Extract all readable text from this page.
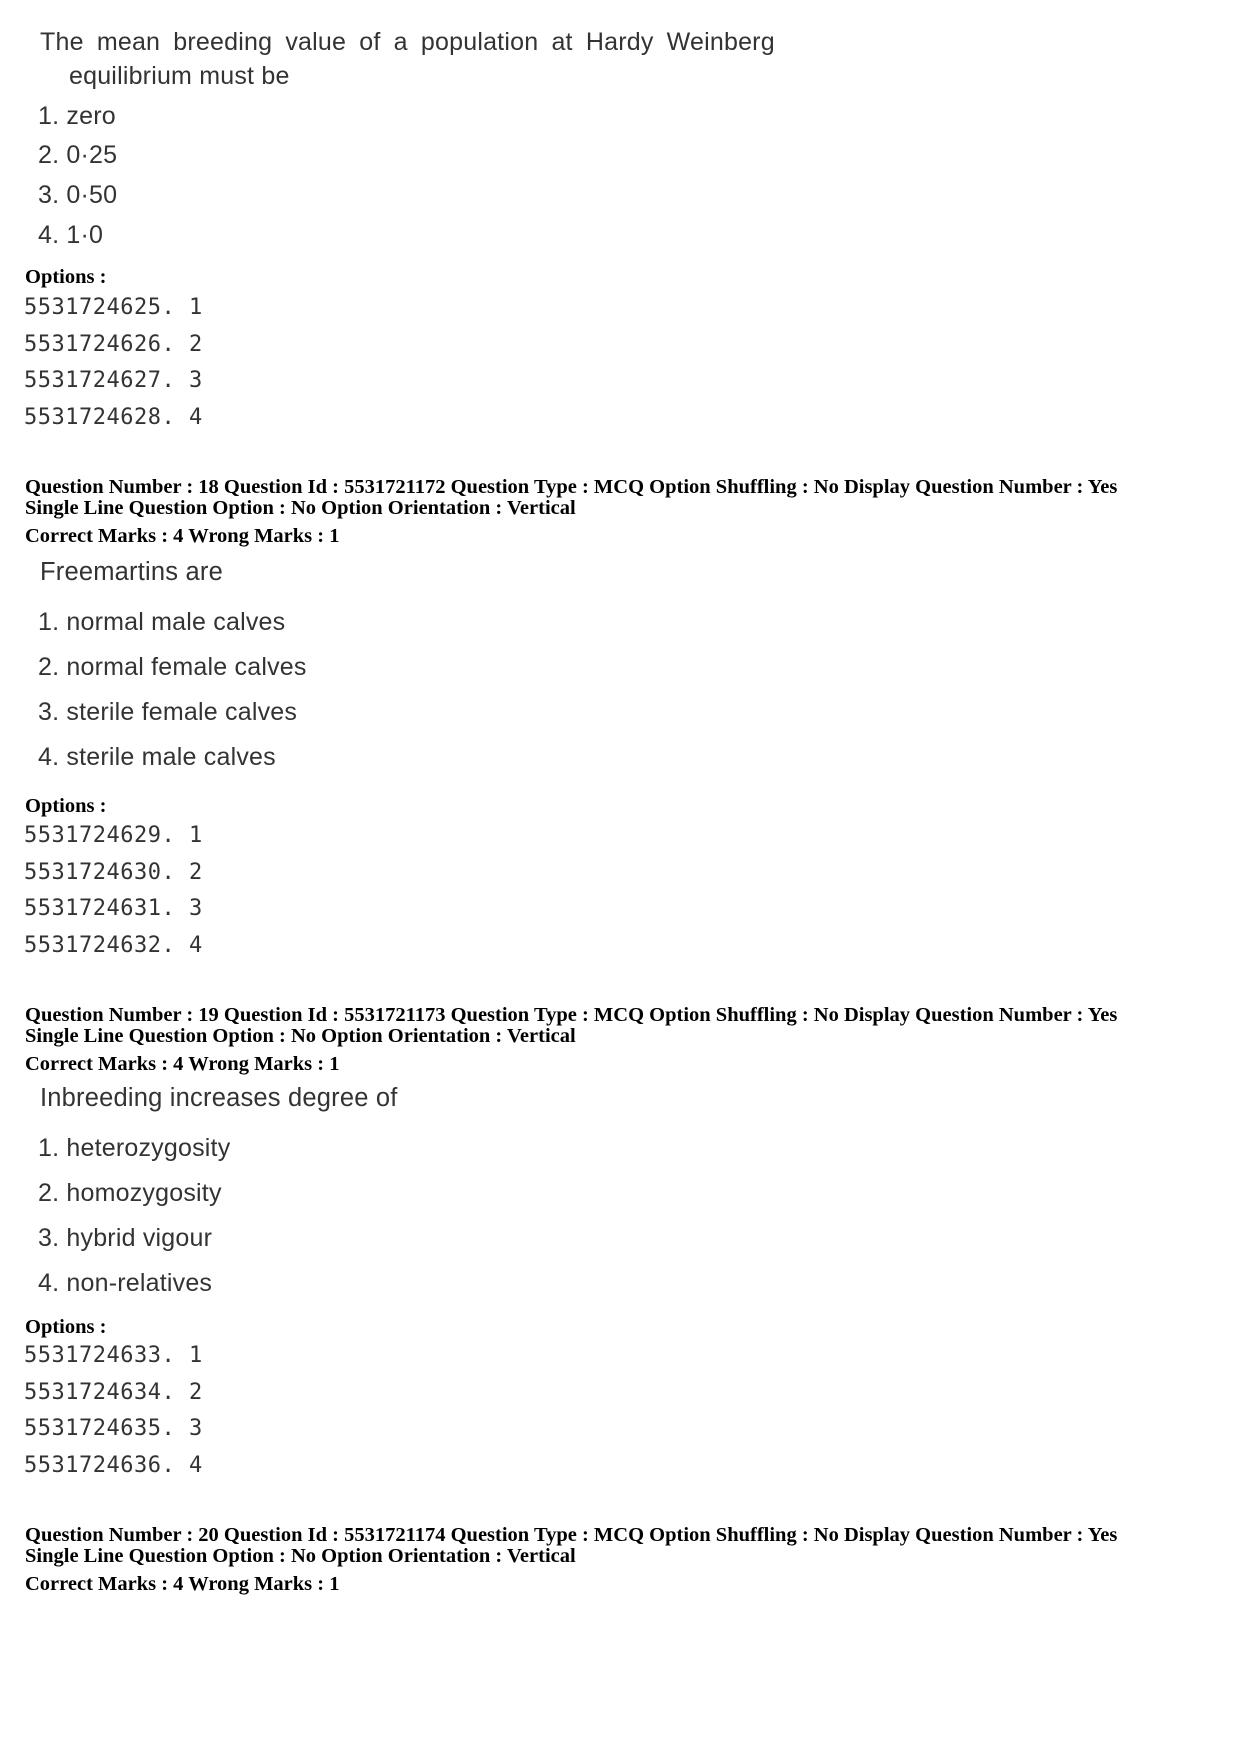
The mean breeding value of a population at Hardy Weinberg
equilibrium must be
1. zero
2. 0·25
3. 0·50
4. 1·0
Options :
5531724625. 1
5531724626. 2
5531724627. 3
5531724628. 4
Question Number : 18 Question Id : 5531721172 Question Type : MCQ Option Shuffling : No Display Question Number : Yes
Single Line Question Option : No Option Orientation : Vertical
Correct Marks : 4 Wrong Marks : 1
Freemartins are
1. normal male calves
2. normal female calves
3. sterile female calves
4. sterile male calves
Options :
5531724629. 1
5531724630. 2
5531724631. 3
5531724632. 4
Question Number : 19 Question Id : 5531721173 Question Type : MCQ Option Shuffling : No Display Question Number : Yes
Single Line Question Option : No Option Orientation : Vertical
Correct Marks : 4 Wrong Marks : 1
Inbreeding increases degree of
1. heterozygosity
2. homozygosity
3. hybrid vigour
4. non-relatives
Options :
5531724633. 1
5531724634. 2
5531724635. 3
5531724636. 4
Question Number : 20 Question Id : 5531721174 Question Type : MCQ Option Shuffling : No Display Question Number : Yes
Single Line Question Option : No Option Orientation : Vertical
Correct Marks : 4 Wrong Marks : 1
